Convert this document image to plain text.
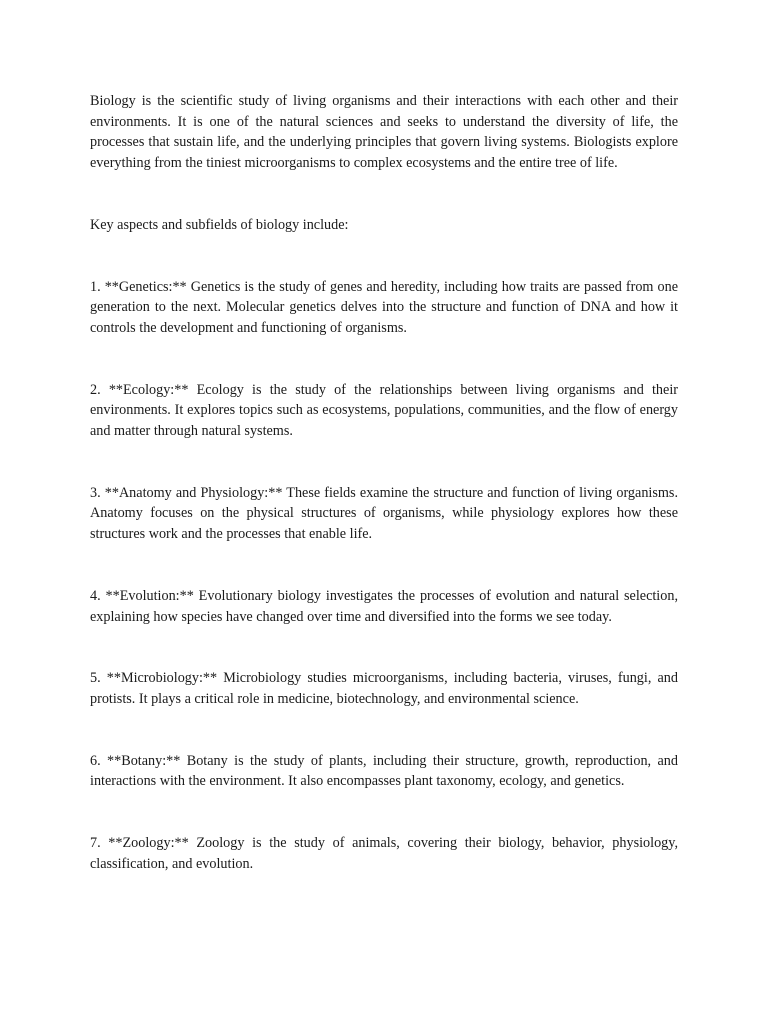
Biology is the scientific study of living organisms and their interactions with each other and their environments. It is one of the natural sciences and seeks to understand the diversity of life, the processes that sustain life, and the underlying principles that govern living systems. Biologists explore everything from the tiniest microorganisms to complex ecosystems and the entire tree of life.

Key aspects and subfields of biology include:

1. **Genetics:** Genetics is the study of genes and heredity, including how traits are passed from one generation to the next. Molecular genetics delves into the structure and function of DNA and how it controls the development and functioning of organisms.

2. **Ecology:** Ecology is the study of the relationships between living organisms and their environments. It explores topics such as ecosystems, populations, communities, and the flow of energy and matter through natural systems.

3. **Anatomy and Physiology:** These fields examine the structure and function of living organisms. Anatomy focuses on the physical structures of organisms, while physiology explores how these structures work and the processes that enable life.

4. **Evolution:** Evolutionary biology investigates the processes of evolution and natural selection, explaining how species have changed over time and diversified into the forms we see today.

5. **Microbiology:** Microbiology studies microorganisms, including bacteria, viruses, fungi, and protists. It plays a critical role in medicine, biotechnology, and environmental science.

6. **Botany:** Botany is the study of plants, including their structure, growth, reproduction, and interactions with the environment. It also encompasses plant taxonomy, ecology, and genetics.

7. **Zoology:** Zoology is the study of animals, covering their biology, behavior, physiology, classification, and evolution.
